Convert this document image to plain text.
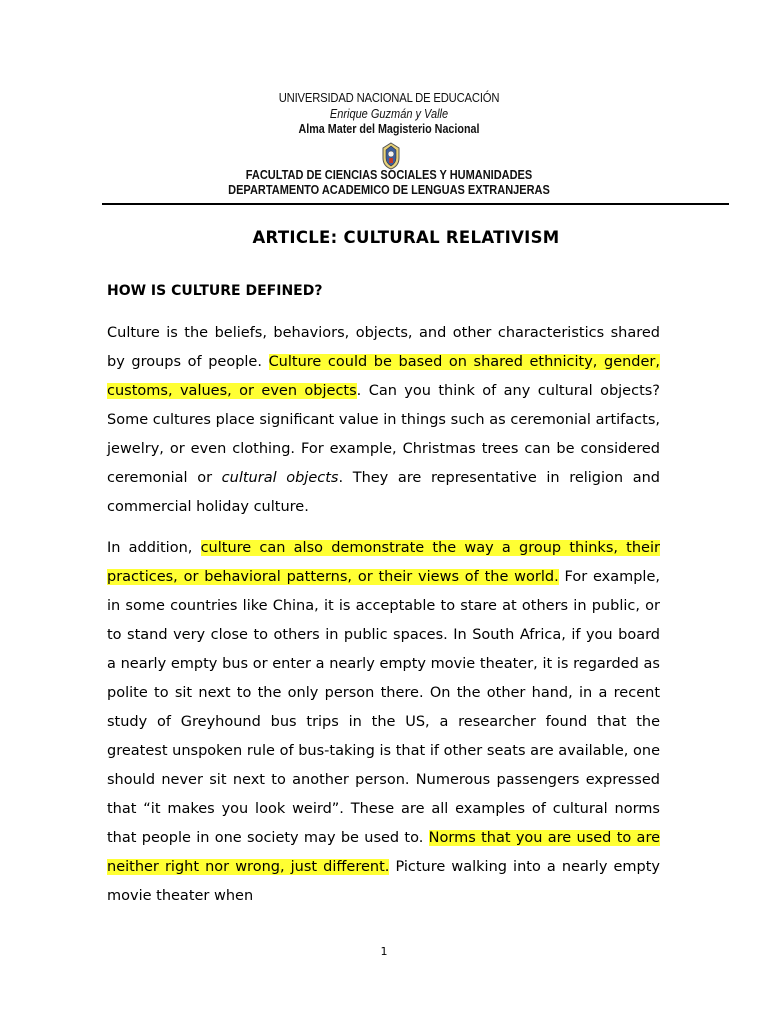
UNIVERSIDAD NACIONAL DE EDUCACIÓN
Enrique Guzmán y Valle
Alma Mater del Magisterio Nacional
FACULTAD DE CIENCIAS SOCIALES Y HUMANIDADES
DEPARTAMENTO ACADEMICO DE LENGUAS EXTRANJERAS
ARTICLE: CULTURAL RELATIVISM
HOW IS CULTURE DEFINED?
Culture is the beliefs, behaviors, objects, and other characteristics shared by groups of people. Culture could be based on shared ethnicity, gender, customs, values, or even objects. Can you think of any cultural objects? Some cultures place significant value in things such as ceremonial artifacts, jewelry, or even clothing. For example, Christmas trees can be considered ceremonial or cultural objects. They are representative in religion and commercial holiday culture.
In addition, culture can also demonstrate the way a group thinks, their practices, or behavioral patterns, or their views of the world. For example, in some countries like China, it is acceptable to stare at others in public, or to stand very close to others in public spaces. In South Africa, if you board a nearly empty bus or enter a nearly empty movie theater, it is regarded as polite to sit next to the only person there. On the other hand, in a recent study of Greyhound bus trips in the US, a researcher found that the greatest unspoken rule of bus-taking is that if other seats are available, one should never sit next to another person. Numerous passengers expressed that “it makes you look weird”. These are all examples of cultural norms that people in one society may be used to. Norms that you are used to are neither right nor wrong, just different. Picture walking into a nearly empty movie theater when
1
